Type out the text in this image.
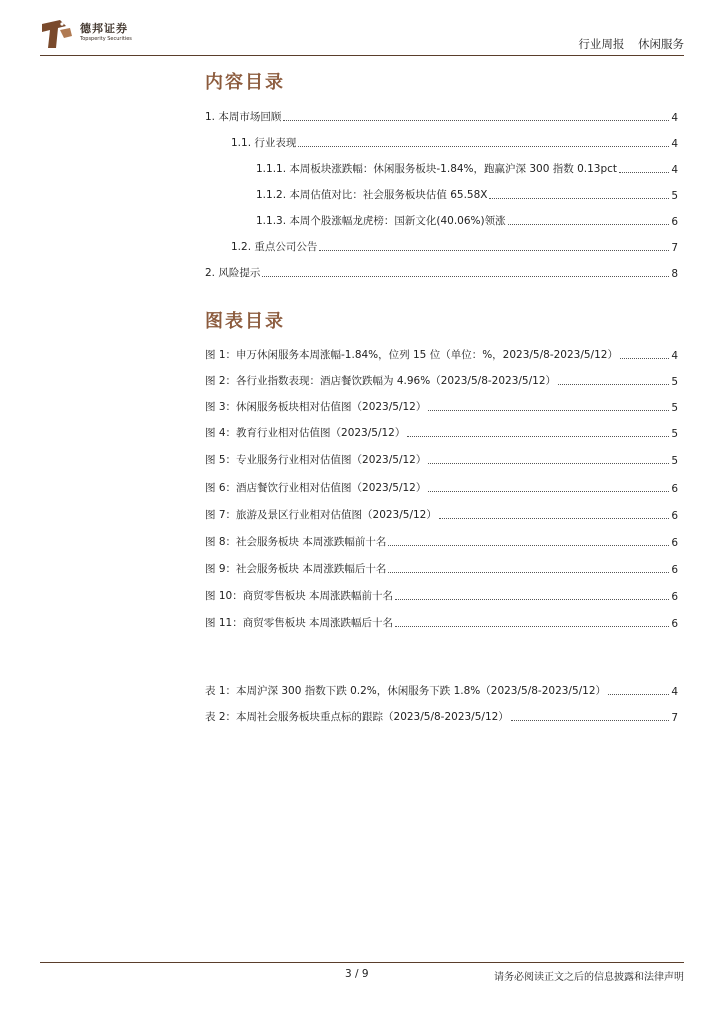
德邦证券
Topsperity Securities	行业周报 休闲服务
内容目录
1. 本周市场回顾	4
1.1. 行业表现	4
1.1.1. 本周板块涨跌幅：休闲服务板块-1.84%，跑赢沪深 300 指数 0.13pct	4
1.1.2. 本周估值对比：社会服务板块估值 65.58X	5
1.1.3. 本周个股涨幅龙虎榜：国新文化(40.06%)领涨	6
1.2. 重点公司公告	7
2. 风险提示	8
图表目录
图 1：申万休闲服务本周涨幅-1.84%，位列 15 位（单位：%，2023/5/8-2023/5/12）	4
图 2：各行业指数表现：酒店餐饮跌幅为 4.96%（2023/5/8-2023/5/12）	5
图 3：休闲服务板块相对估值图（2023/5/12）	5
图 4：教育行业相对估值图（2023/5/12）	5
图 5：专业服务行业相对估值图（2023/5/12）	5
图 6：酒店餐饮行业相对估值图（2023/5/12）	6
图 7：旅游及景区行业相对估值图（2023/5/12）	6
图 8：社会服务板块 本周涨跌幅前十名	6
图 9：社会服务板块 本周涨跌幅后十名	6
图 10：商贸零售板块 本周涨跌幅前十名	6
图 11：商贸零售板块 本周涨跌幅后十名	6
表 1：本周沪深 300 指数下跌 0.2%，休闲服务下跌 1.8%（2023/5/8-2023/5/12）	4
表 2：本周社会服务板块重点标的跟踪（2023/5/8-2023/5/12）	7
3 / 9	请务必阅读正文之后的信息披露和法律声明
